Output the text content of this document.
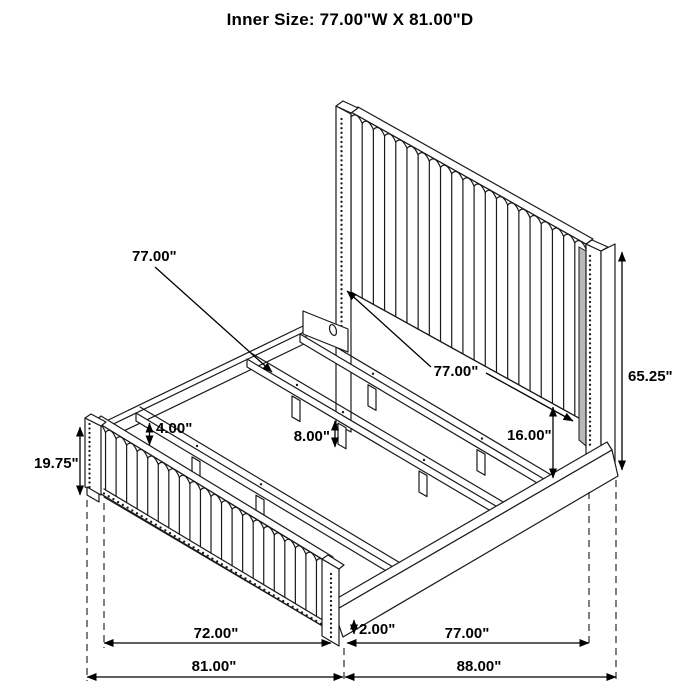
Inner Size: 77.00"W X 81.00"D
77.00"
4.00"	8.00"	16.00"
77.00"	65.25"
19.75"
2.00"
72.00"	77.00"
81.00"	88.00"
